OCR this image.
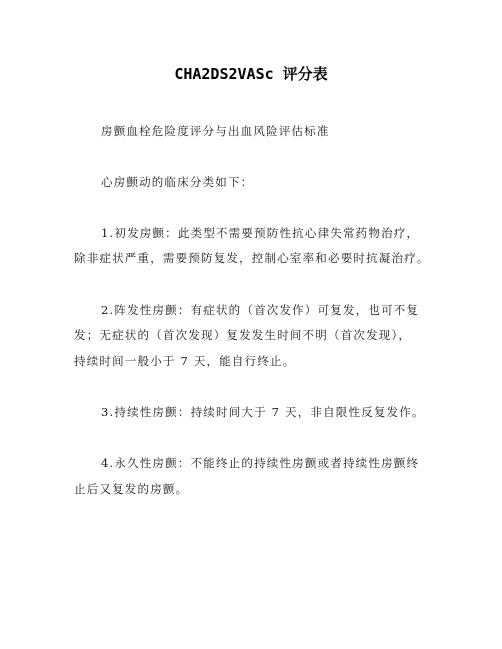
CHA2DS2VASc 评分表
房颤血栓危险度评分与出血风险评估标准
心房颤动的临床分类如下：
1.初发房颤：此类型不需要预防性抗心律失常药物治疗，
除非症状严重，需要预防复发，控制心室率和必要时抗凝治疗。
2.阵发性房颤：有症状的（首次发作）可复发，也可不复
发；无症状的（首次发现）复发发生时间不明（首次发现），
持续时间一般小于 7 天，能自行终止。
3.持续性房颤：持续时间大于 7 天，非自限性反复发作。
4.永久性房颤：不能终止的持续性房颤或者持续性房颤终
止后又复发的房颤。
